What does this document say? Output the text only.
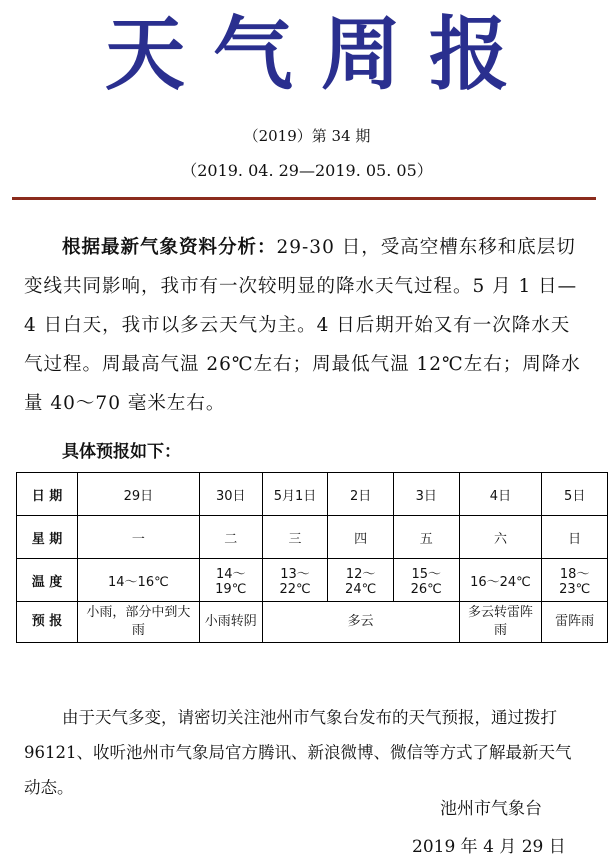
天气周报
（2019）第 34 期
（2019. 04. 29—2019. 05. 05）
根据最新气象资料分析：29-30 日，受高空槽东移和底层切变线共同影响，我市有一次较明显的降水天气过程。5 月 1 日—4 日白天，我市以多云天气为主。4 日后期开始又有一次降水天气过程。周最高气温 26℃左右；周最低气温 12℃左右；周降水量 40～70 毫米左右。
具体预报如下：
日 期	29日	30日	5月1日	2日	3日	4日	5日
星 期	一	二	三	四	五	六	日
温 度	14～16℃	14～19℃	13～22℃	12～24℃	15～26℃	16～24℃	18～23℃
预 报	小雨，部分中到大雨	小雨转阴	多云			多云转雷阵雨	雷阵雨
由于天气多变，请密切关注池州市气象台发布的天气预报，通过拨打96121、收听池州市气象局官方腾讯、新浪微博、微信等方式了解最新天气动态。
池州市气象台
2019 年 4 月 29 日
